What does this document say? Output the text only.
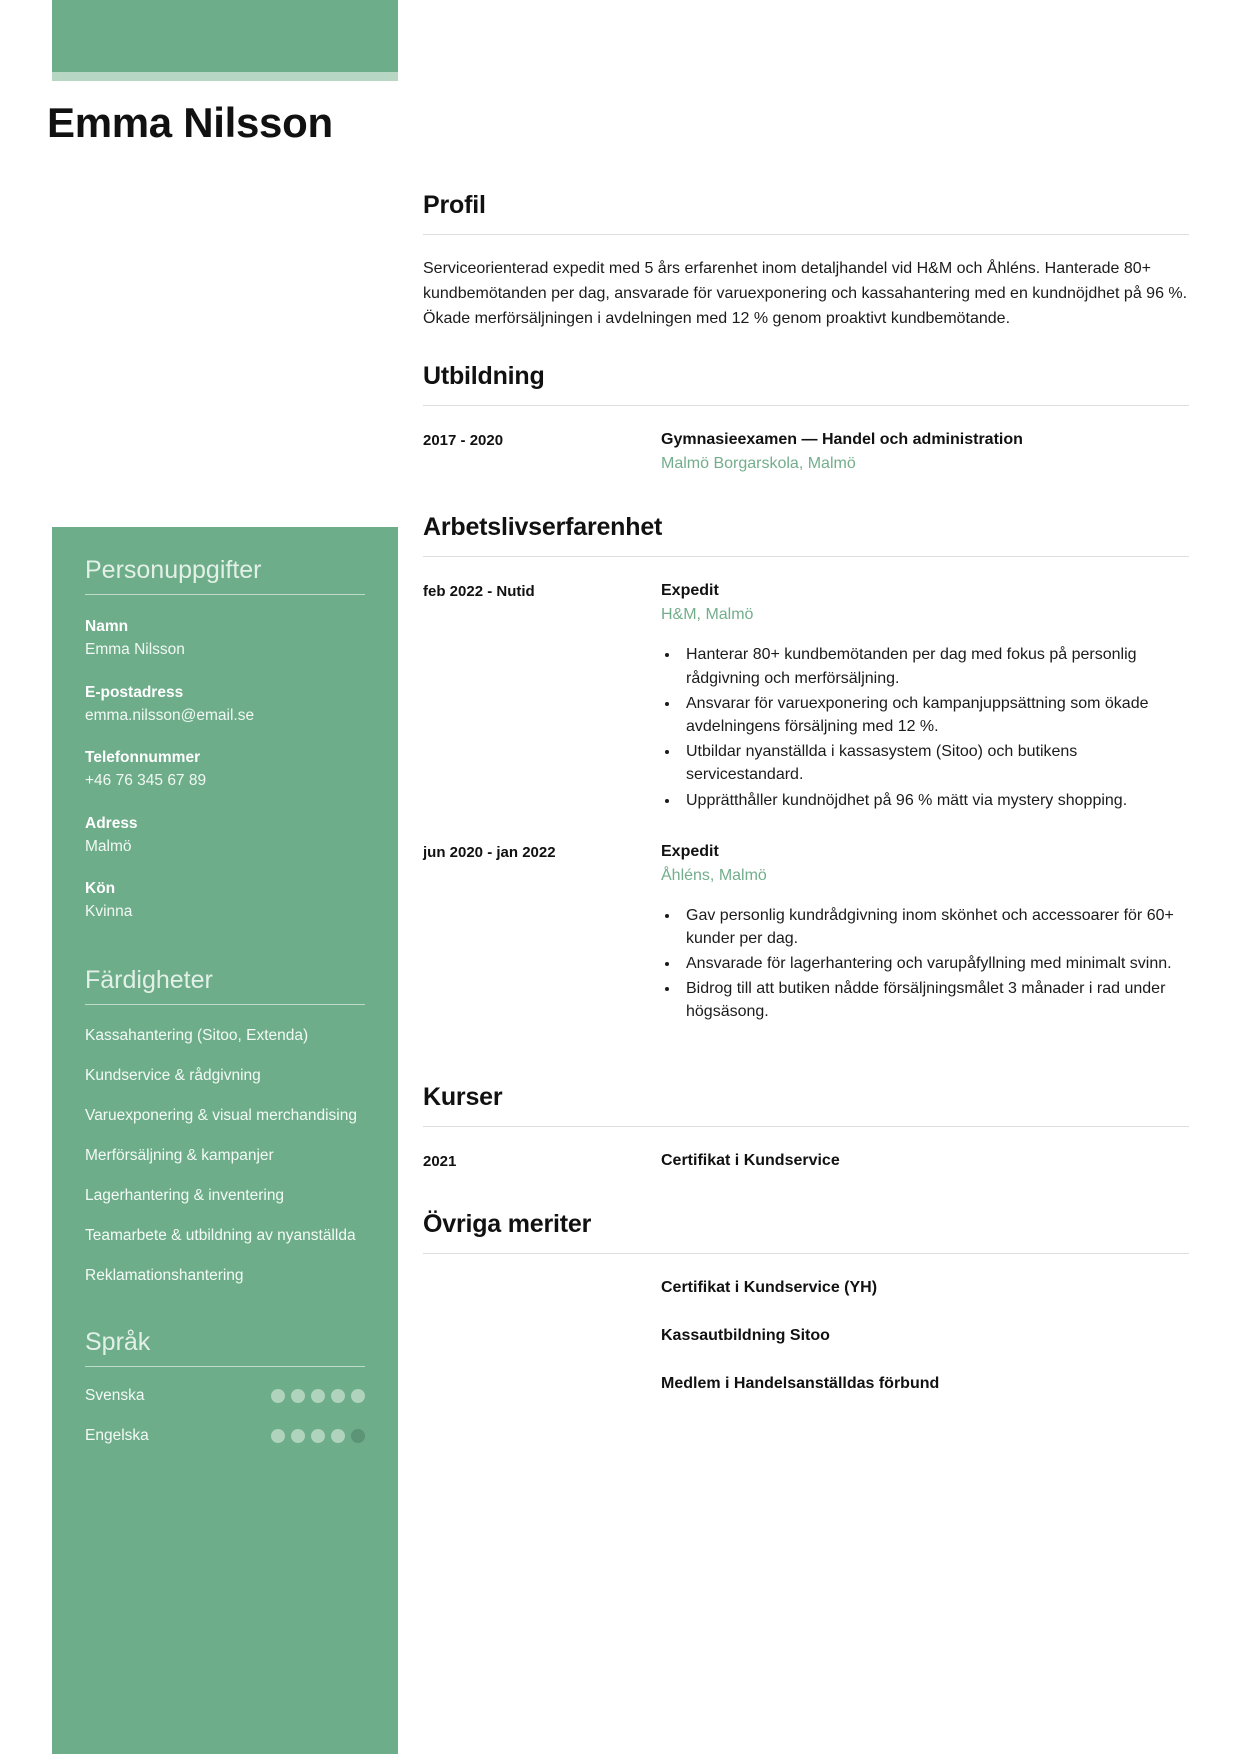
Emma Nilsson
Personuppgifter
Namn
Emma Nilsson
E-postadress
emma.nilsson@email.se
Telefonnummer
+46 76 345 67 89
Adress
Malmö
Kön
Kvinna
Färdigheter
Kassahantering (Sitoo, Extenda)
Kundservice & rådgivning
Varuexponering & visual merchandising
Merförsäljning & kampanjer
Lagerhantering & inventering
Teamarbete & utbildning av nyanställda
Reklamationshantering
Språk
Svenska
Engelska
Profil

Serviceorienterad expedit med 5 års erfarenhet inom detaljhandel vid H&M och Åhléns. Hanterade 80+ kundbemötanden per dag, ansvarade för varuexponering och kassahantering med en kundnöjdhet på 96 %. Ökade merförsäljningen i avdelningen med 12 % genom proaktivt kundbemötande.

Utbildning
2017 - 2020	Gymnasieexamen — Handel och administration
Malmö Borgarskola, Malmö
Arbetslivserfarenhet
feb 2022 - Nutid	Expedit
H&M, Malmö
• Hanterar 80+ kundbemötanden per dag med fokus på personlig rådgivning och merförsäljning.
• Ansvarar för varuexponering och kampanjuppsättning som ökade avdelningens försäljning med 12 %.
• Utbildar nyanställda i kassasystem (Sitoo) och butikens servicestandard.
• Upprätthåller kundnöjdhet på 96 % mätt via mystery shopping.
jun 2020 - jan 2022	Expedit
Åhléns, Malmö
• Gav personlig kundrådgivning inom skönhet och accessoarer för 60+ kunder per dag.
• Ansvarade för lagerhantering och varupåfyllning med minimalt svinn.
• Bidrog till att butiken nådde försäljningsmålet 3 månader i rad under högsäsong.
Kurser
2021	Certifikat i Kundservice
Övriga meriter
Certifikat i Kundservice (YH)
Kassautbildning Sitoo
Medlem i Handelsanställdas förbund
